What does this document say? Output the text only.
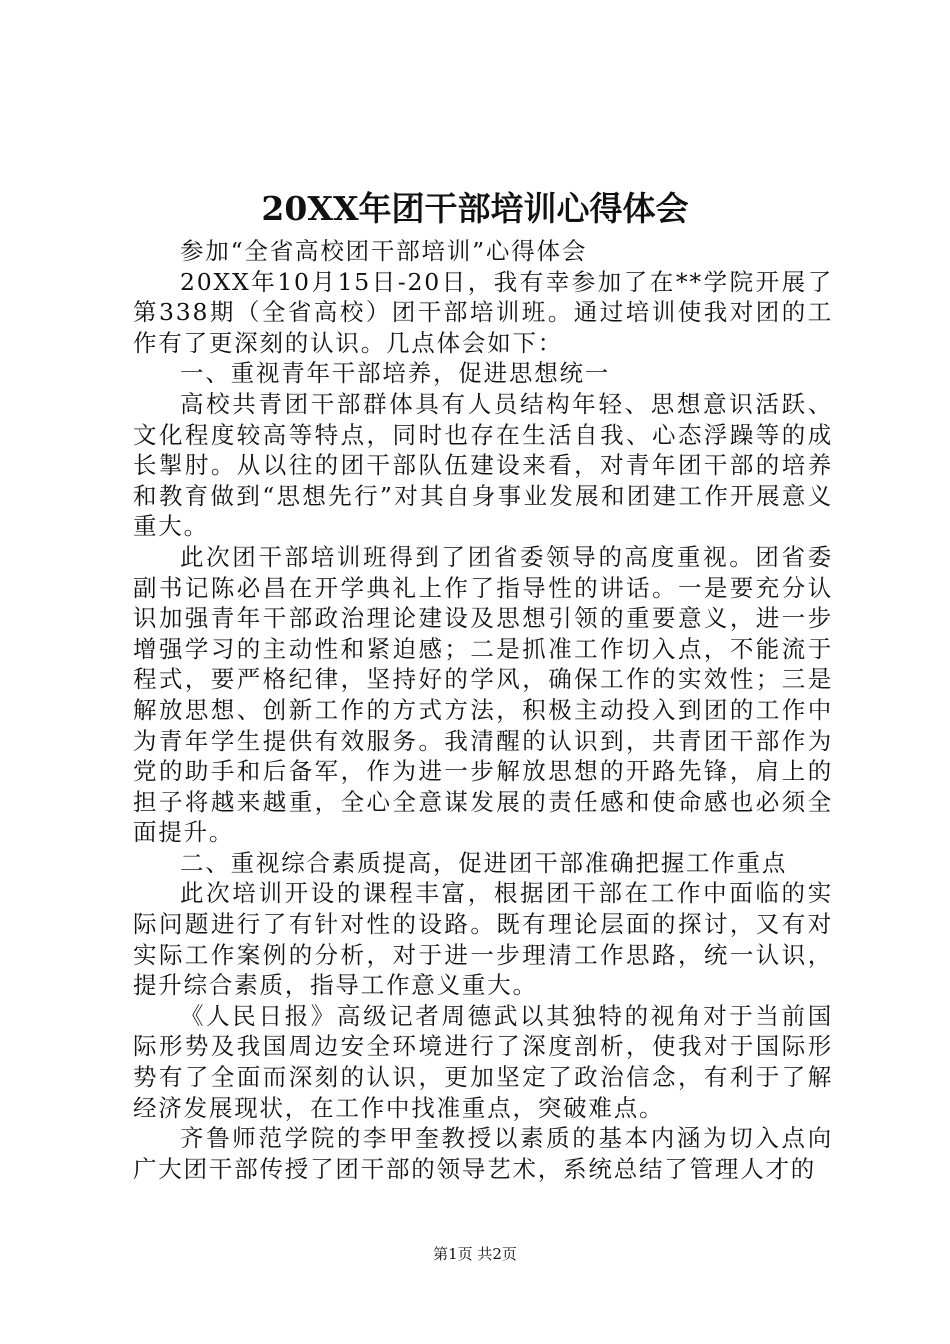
20XX年团干部培训心得体会

参加“全省高校团干部培训”心得体会

20XX年10月15日-20日，我有幸参加了在**学院开展了第338期（全省高校）团干部培训班。通过培训使我对团的工作有了更深刻的认识。几点体会如下：

一、重视青年干部培养，促进思想统一

高校共青团干部群体具有人员结构年轻、思想意识活跃、文化程度较高等特点，同时也存在生活自我、心态浮躁等的成长掣肘。从以往的团干部队伍建设来看，对青年团干部的培养和教育做到“思想先行”对其自身事业发展和团建工作开展意义重大。

此次团干部培训班得到了团省委领导的高度重视。团省委副书记陈必昌在开学典礼上作了指导性的讲话。一是要充分认识加强青年干部政治理论建设及思想引领的重要意义，进一步增强学习的主动性和紧迫感；二是抓准工作切入点，不能流于程式，要严格纪律，坚持好的学风，确保工作的实效性；三是解放思想、创新工作的方式方法，积极主动投入到团的工作中为青年学生提供有效服务。我清醒的认识到，共青团干部作为党的助手和后备军，作为进一步解放思想的开路先锋，肩上的担子将越来越重，全心全意谋发展的责任感和使命感也必须全面提升。

二、重视综合素质提高，促进团干部准确把握工作重点

此次培训开设的课程丰富，根据团干部在工作中面临的实际问题进行了有针对性的设路。既有理论层面的探讨，又有对实际工作案例的分析，对于进一步理清工作思路，统一认识，提升综合素质，指导工作意义重大。

《人民日报》高级记者周德武以其独特的视角对于当前国际形势及我国周边安全环境进行了深度剖析，使我对于国际形势有了全面而深刻的认识，更加坚定了政治信念，有利于了解经济发展现状，在工作中找准重点，突破难点。

齐鲁师范学院的李甲奎教授以素质的基本内涵为切入点向广大团干部传授了团干部的领导艺术，系统总结了管理人才的

第1页 共2页
